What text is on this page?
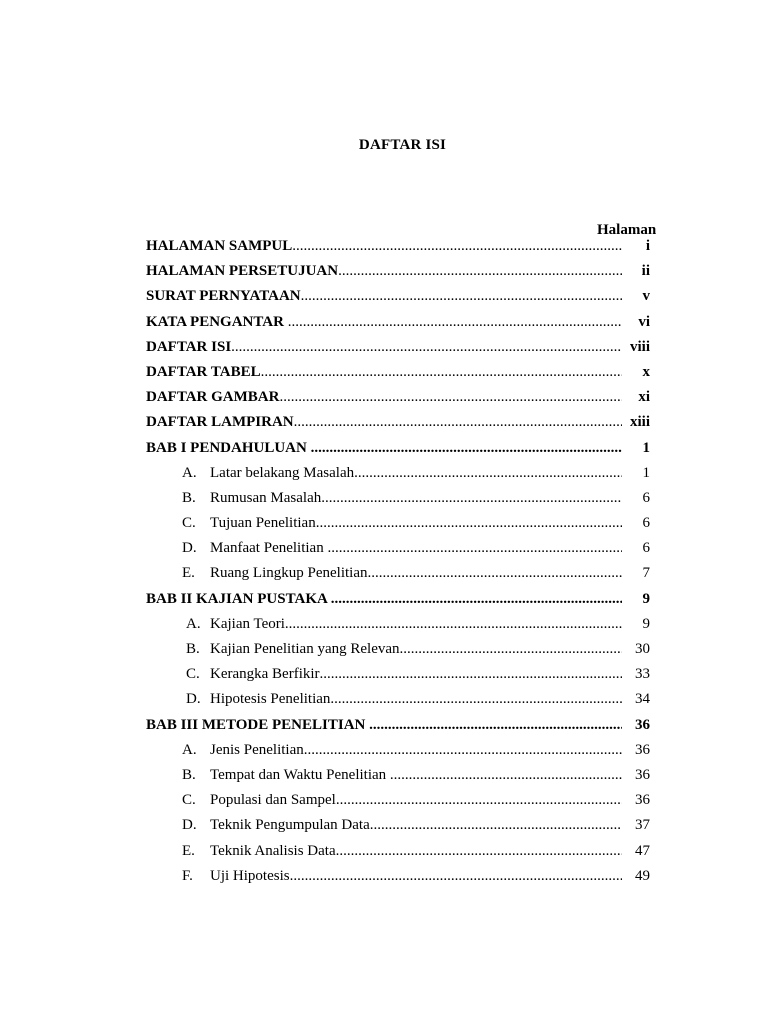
DAFTAR ISI
Halaman
HALAMAN SAMPUL .....	i
HALAMAN PERSETUJUAN .....	ii
SURAT PERNYATAAN .....	v
KATA PENGANTAR .....	vi
DAFTAR ISI .....	viii
DAFTAR TABEL .....	x
DAFTAR GAMBAR .....	xi
DAFTAR LAMPIRAN .....	xiii
BAB I PENDAHULUAN .....	1
A. Latar belakang Masalah .....	1
B. Rumusan Masalah .....	6
C. Tujuan Penelitian .....	6
D. Manfaat Penelitian .....	6
E. Ruang Lingkup Penelitian .....	7
BAB II KAJIAN PUSTAKA .....	9
A. Kajian Teori .....	9
B. Kajian Penelitian yang Relevan .....	30
C. Kerangka Berfikir .....	33
D. Hipotesis Penelitian .....	34
BAB III METODE PENELITIAN .....	36
A. Jenis Penelitian .....	36
B. Tempat dan Waktu Penelitian .....	36
C. Populasi dan Sampel .....	36
D. Teknik Pengumpulan Data .....	37
E. Teknik Analisis Data .....	47
F. Uji Hipotesis .....	49
